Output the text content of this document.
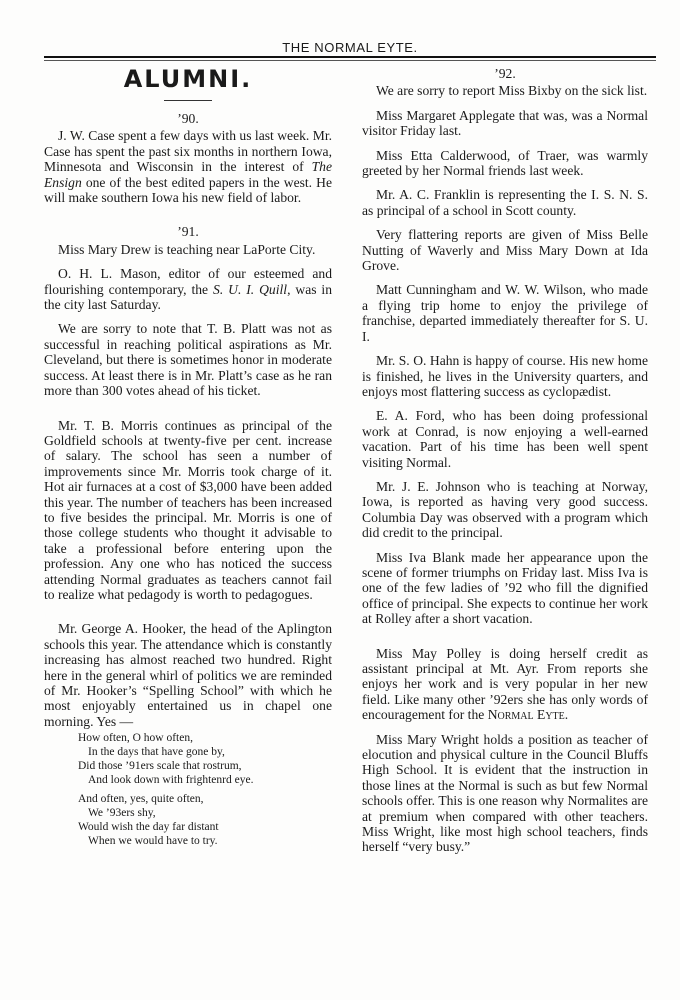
THE NORMAL EYTE.
ALUMNI.
’90.

J. W. Case spent a few days with us last week. Mr. Case has spent the past six months in northern Iowa, Minnesota and Wisconsin in the interest of The Ensign one of the best edited papers in the west. He will make southern Iowa his new field of labor.

’91.

Miss Mary Drew is teaching near LaPorte City.

O. H. L. Mason, editor of our esteemed and flourishing contemporary, the S. U. I. Quill, was in the city last Saturday.

We are sorry to note that T. B. Platt was not as successful in reaching political aspirations as Mr. Cleveland, but there is sometimes honor in moderate success. At least there is in Mr. Platt’s case as he ran more than 300 votes ahead of his ticket.

Mr. T. B. Morris continues as principal of the Goldfield schools at twenty-five per cent. increase of salary. The school has seen a number of improvements since Mr. Morris took charge of it. Hot air furnaces at a cost of $3,000 have been added this year. The number of teachers has been increased to five besides the principal. Mr. Morris is one of those college students who thought it advisable to take a professional before entering upon the profession. Any one who has noticed the success attending Normal graduates as teachers cannot fail to realize what pedagody is worth to pedagogues.

Mr. George A. Hooker, the head of the Aplington schools this year. The attendance which is constantly increasing has almost reached two hundred. Right here in the general whirl of politics we are reminded of Mr. Hooker’s “Spelling School” with which he most enjoyably entertained us in chapel one morning. Yes —

How often, O how often,
In the days that have gone by,
Did those ’91ers scale that rostrum,
And look down with frightenrd eye.
And often, yes, quite often,
We ’93ers shy,
Would wish the day far distant
When we would have to try.
’92.

We are sorry to report Miss Bixby on the sick list.

Miss Margaret Applegate that was, was a Normal visitor Friday last.

Miss Etta Calderwood, of Traer, was warmly greeted by her Normal friends last week.

Mr. A. C. Franklin is representing the I. S. N. S. as principal of a school in Scott county.

Very flattering reports are given of Miss Belle Nutting of Waverly and Miss Mary Down at Ida Grove.

Matt Cunningham and W. W. Wilson, who made a flying trip home to enjoy the privilege of franchise, departed immediately thereafter for S. U. I.

Mr. S. O. Hahn is happy of course. His new home is finished, he lives in the University quarters, and enjoys most flattering success as cyclopædist.

E. A. Ford, who has been doing professional work at Conrad, is now enjoying a well-earned vacation. Part of his time has been well spent visiting Normal.

Mr. J. E. Johnson who is teaching at Norway, Iowa, is reported as having very good success. Columbia Day was observed with a program which did credit to the principal.

Miss Iva Blank made her appearance upon the scene of former triumphs on Friday last. Miss Iva is one of the few ladies of ’92 who fill the dignified office of principal. She expects to continue her work at Rolley after a short vacation.

Miss May Polley is doing herself credit as assistant principal at Mt. Ayr. From reports she enjoys her work and is very popular in her new field. Like many other ’92ers she has only words of encouragement for the Normal Eyte.

Miss Mary Wright holds a position as teacher of elocution and physical culture in the Council Bluffs High School. It is evident that the instruction in those lines at the Normal is such as but few Normal schools offer. This is one reason why Normalites are at premium when compared with other teachers. Miss Wright, like most high school teachers, finds herself “very busy.”
